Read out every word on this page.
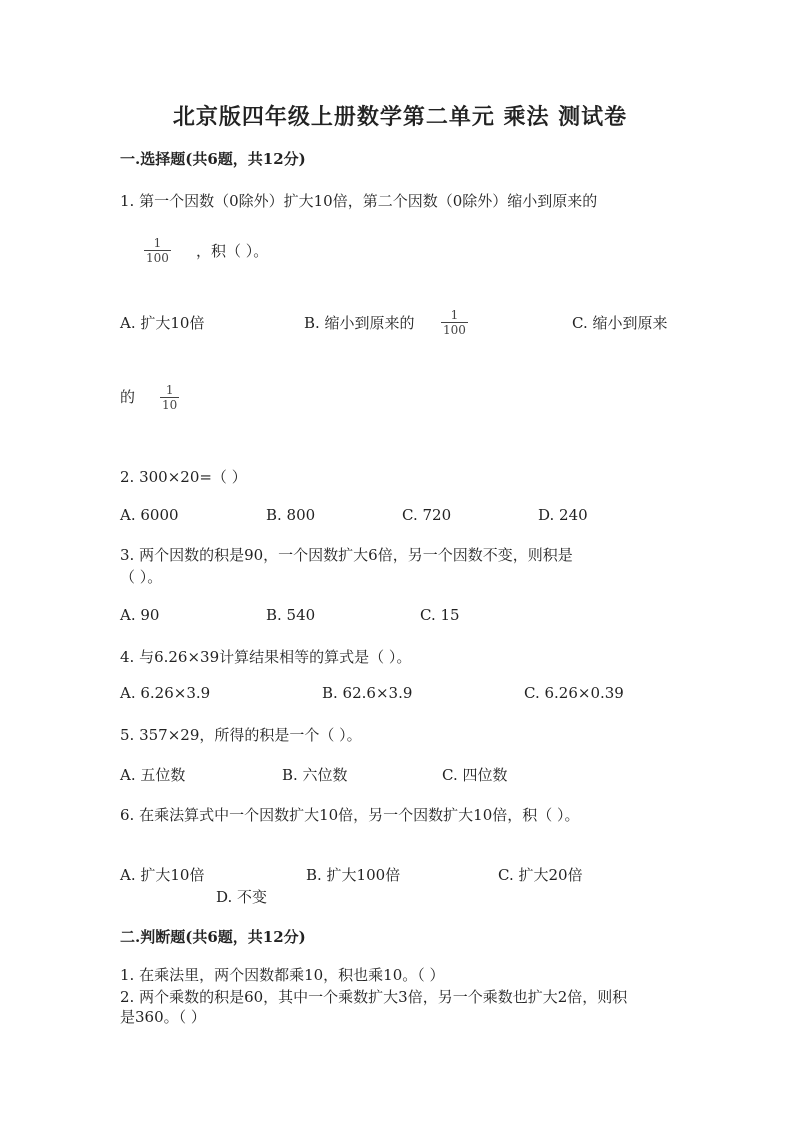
北京版四年级上册数学第二单元 乘法 测试卷
一.选择题(共6题，共12分)
1. 第一个因数（0除外）扩大10倍，第二个因数（0除外）缩小到原来的
$\frac{1}{100}$ ，积（ ）。
A. 扩大10倍	B. 缩小到原来的 $\frac{1}{100}$	C. 缩小到原来
的 $\frac{1}{10}$
2. 300×20=（ ）
A. 6000	B. 800	C. 720	D. 240
3. 两个因数的积是90，一个因数扩大6倍，另一个因数不变，则积是
（ ）。
A. 90	B. 540	C. 15
4. 与6.26×39计算结果相等的算式是（ ）。
A. 6.26×3.9	B. 62.6×3.9	C. 6.26×0.39
5. 357×29，所得的积是一个（ ）。
A. 五位数	B. 六位数	C. 四位数
6. 在乘法算式中一个因数扩大10倍，另一个因数扩大10倍，积（ ）。
A. 扩大10倍	B. 扩大100倍	C. 扩大20倍
D. 不变
二.判断题(共6题，共12分)
1. 在乘法里，两个因数都乘10，积也乘10。（ ）
2. 两个乘数的积是60，其中一个乘数扩大3倍，另一个乘数也扩大2倍，则积
是360。（ ）
